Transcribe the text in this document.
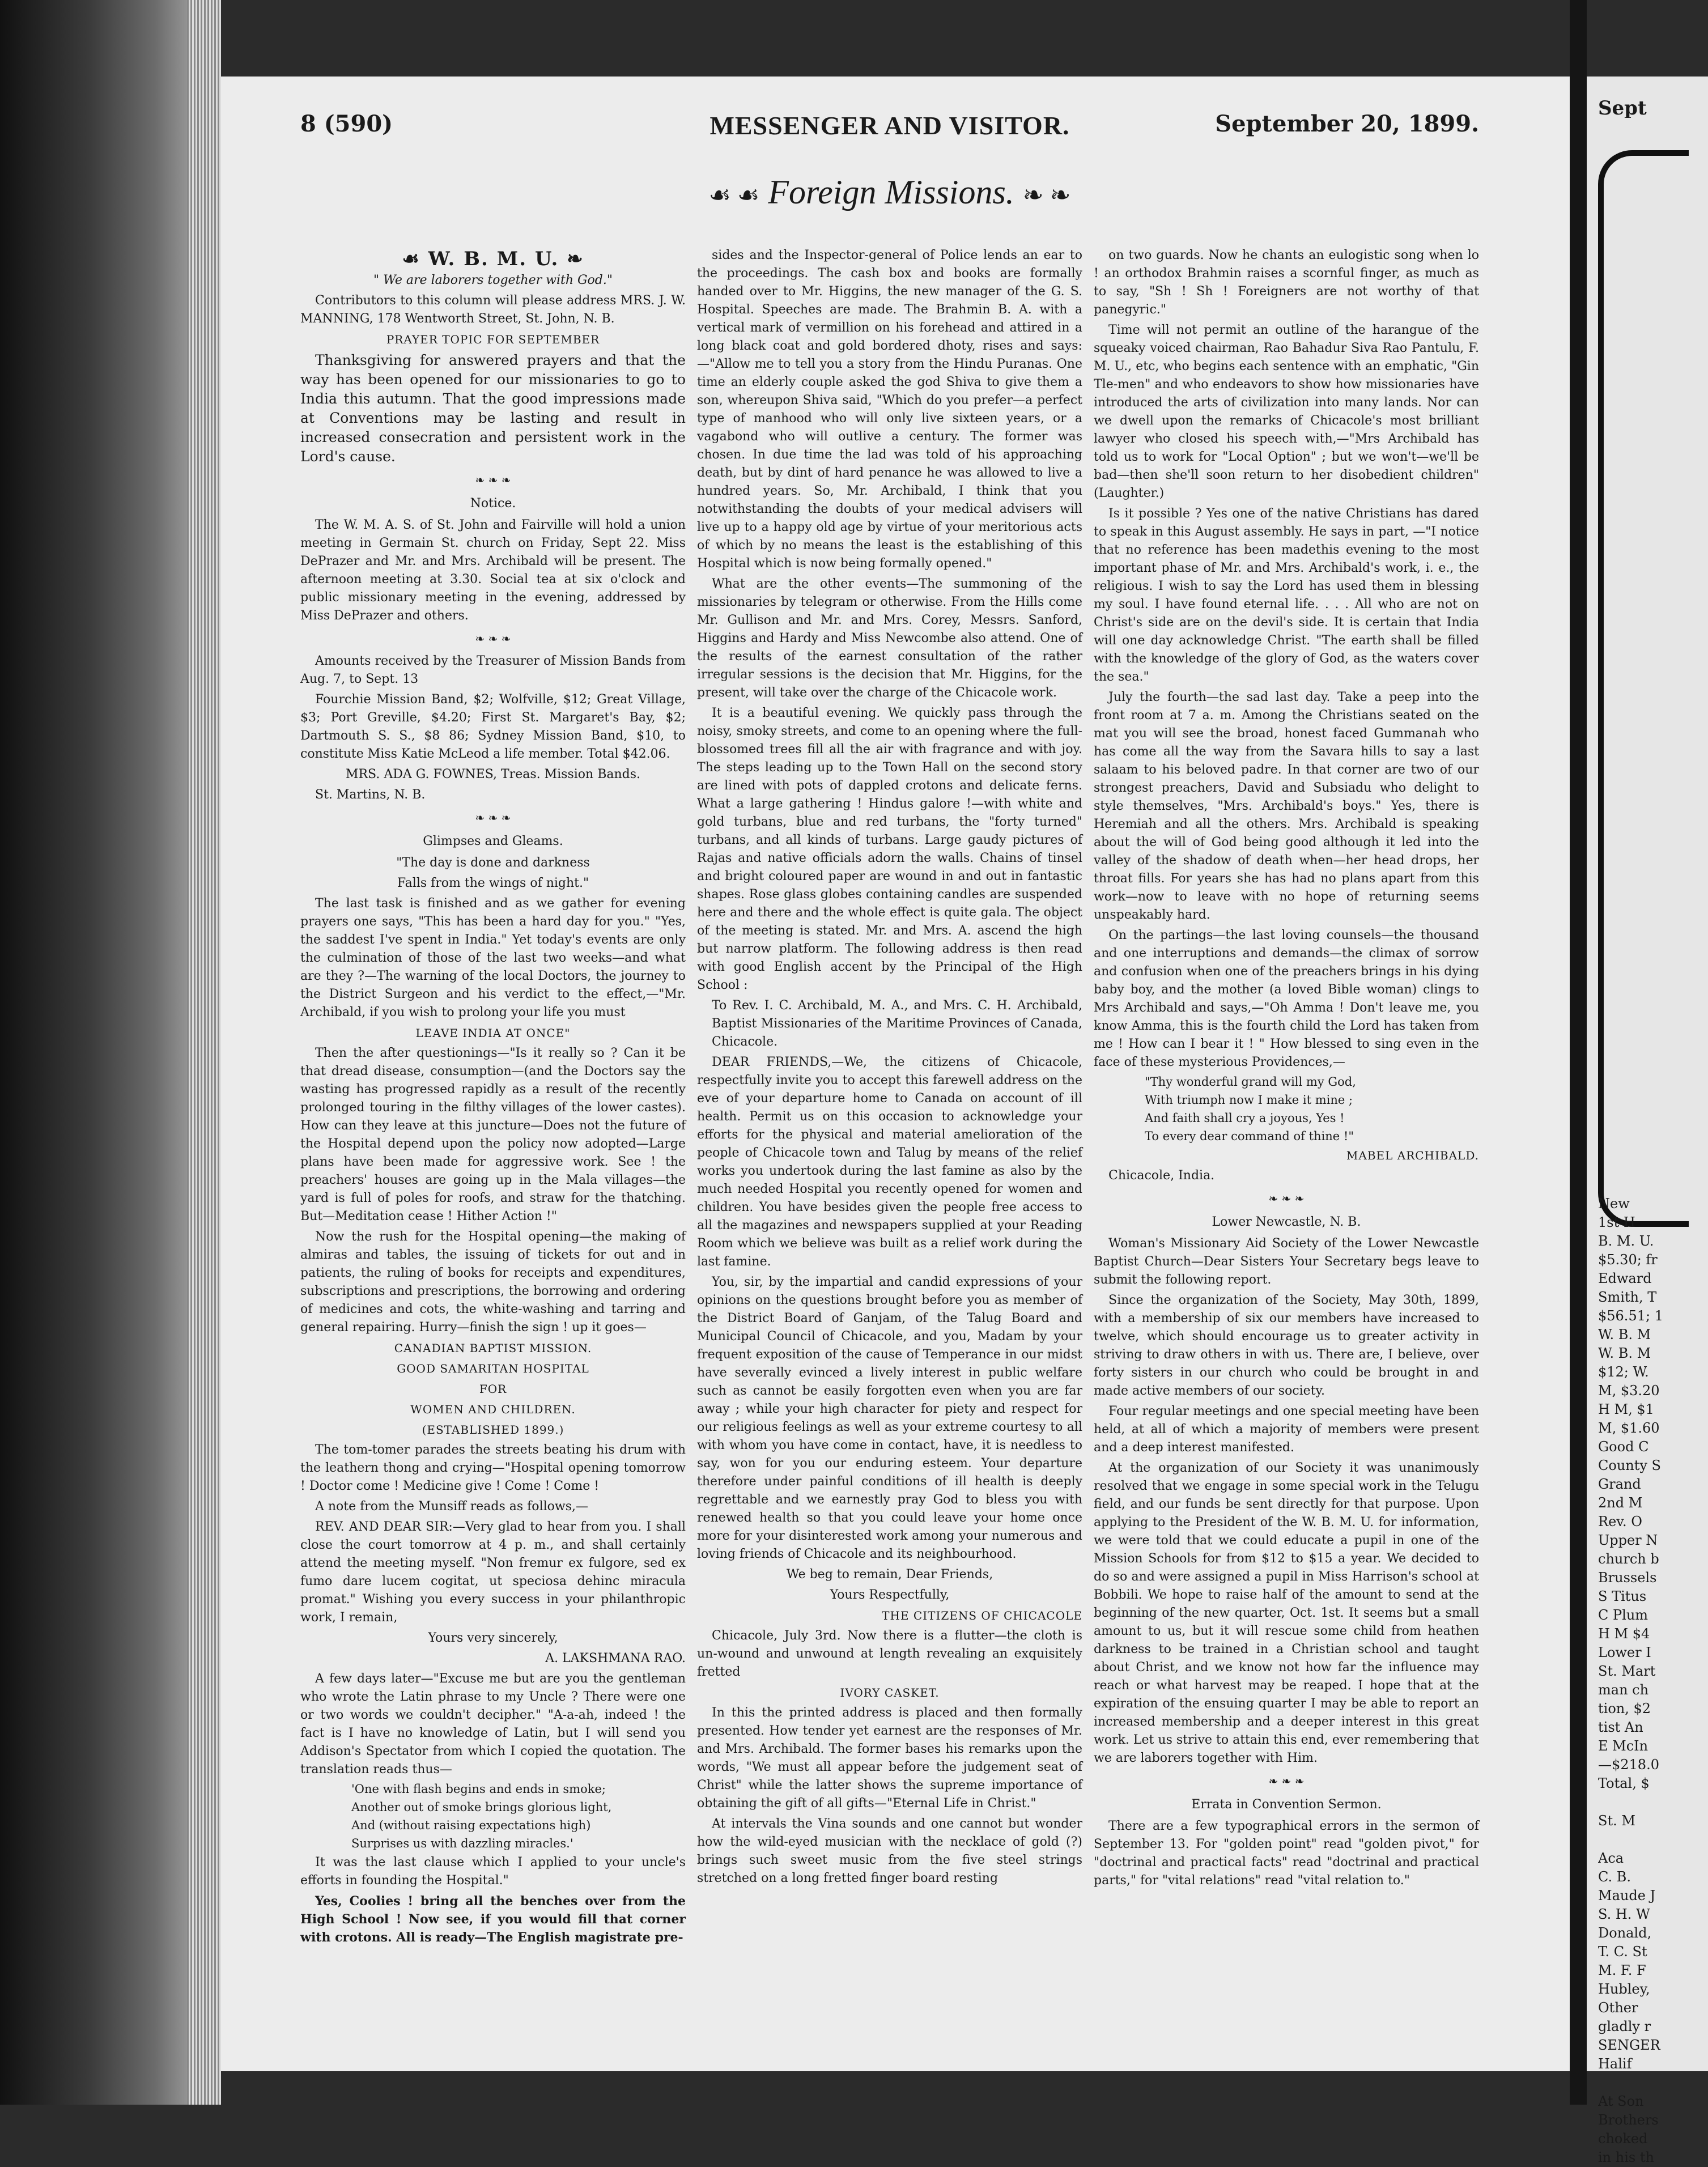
8 (590)	MESSENGER AND VISITOR.	September 20, 1899.
☙ ☙ Foreign Missions. ❧ ❧
☙ W. B. M. U. ❧

" We are laborers together with God."

Contributors to this column will please address MRS. J. W. MANNING, 178 Wentworth Street, St. John, N. B.

PRAYER TOPIC FOR SEPTEMBER

Thanksgiving for answered prayers and that the way has been opened for our missionaries to go to India this autumn. That the good impressions made at Conventions may be lasting and result in increased consecration and persistent work in the Lord's cause.

❧ ❧ ❧

Notice.

The W. M. A. S. of St. John and Fairville will hold a union meeting in Germain St. church on Friday, Sept 22. Miss DePrazer and Mr. and Mrs. Archibald will be present. The afternoon meeting at 3.30. Social tea at six o'clock and public missionary meeting in the evening, addressed by Miss DePrazer and others.

❧ ❧ ❧

Amounts received by the Treasurer of Mission Bands from Aug. 7, to Sept. 13

Fourchie Mission Band, $2; Wolfville, $12; Great Village, $3; Port Greville, $4.20; First St. Margaret's Bay, $2; Dartmouth S. S., $8 86; Sydney Mission Band, $10, to constitute Miss Katie McLeod a life member. Total $42.06.

MRS. ADA G. FOWNES, Treas. Mission Bands.

St. Martins, N. B.

❧ ❧ ❧

Glimpses and Gleams.

"The day is done and darkness

Falls from the wings of night."

The last task is finished and as we gather for evening prayers one says, "This has been a hard day for you." "Yes, the saddest I've spent in India." Yet today's events are only the culmination of those of the last two weeks—and what are they ?—The warning of the local Doctors, the journey to the District Surgeon and his verdict to the effect,—"Mr. Archibald, if you wish to prolong your life you must

LEAVE INDIA AT ONCE"

Then the after questionings—"Is it really so ? Can it be that dread disease, consumption—(and the Doctors say the wasting has progressed rapidly as a result of the recently prolonged touring in the filthy villages of the lower castes). How can they leave at this juncture—Does not the future of the Hospital depend upon the policy now adopted—Large plans have been made for aggressive work. See ! the preachers' houses are going up in the Mala villages—the yard is full of poles for roofs, and straw for the thatching. But—Meditation cease ! Hither Action !"

Now the rush for the Hospital opening—the making of almiras and tables, the issuing of tickets for out and in patients, the ruling of books for receipts and expenditures, subscriptions and prescriptions, the borrowing and ordering of medicines and cots, the white-washing and tarring and general repairing. Hurry—finish the sign ! up it goes—

CANADIAN BAPTIST MISSION.

GOOD SAMARITAN HOSPITAL

FOR

WOMEN AND CHILDREN.

(ESTABLISHED 1899.)

The tom-tomer parades the streets beating his drum with the leathern thong and crying—"Hospital opening tomorrow ! Doctor come ! Medicine give ! Come ! Come !

A note from the Munsiff reads as follows,—

REV. AND DEAR SIR:—Very glad to hear from you. I shall close the court tomorrow at 4 p. m., and shall certainly attend the meeting myself. "Non fremur ex fulgore, sed ex fumo dare lucem cogitat, ut speciosa dehinc miracula promat." Wishing you every success in your philanthropic work, I remain,

Yours very sincerely,

A. LAKSHMANA RAO.

A few days later—"Excuse me but are you the gentleman who wrote the Latin phrase to my Uncle ? There were one or two words we couldn't decipher." "A-a-ah, indeed ! the fact is I have no knowledge of Latin, but I will send you Addison's Spectator from which I copied the quotation. The translation reads thus—

'One with flash begins and ends in smoke;

Another out of smoke brings glorious light,

And (without raising expectations high)

Surprises us with dazzling miracles.'

It was the last clause which I applied to your uncle's efforts in founding the Hospital."

Yes, Coolies ! bring all the benches over from the High School ! Now see, if you would fill that corner with crotons. All is ready—The English magistrate pre-

sides and the Inspector-general of Police lends an ear to the proceedings. The cash box and books are formally handed over to Mr. Higgins, the new manager of the G. S. Hospital. Speeches are made. The Brahmin B. A. with a vertical mark of vermillion on his forehead and attired in a long black coat and gold bordered dhoty, rises and says:—"Allow me to tell you a story from the Hindu Puranas. One time an elderly couple asked the god Shiva to give them a son, whereupon Shiva said, "Which do you prefer—a perfect type of manhood who will only live sixteen years, or a vagabond who will outlive a century. The former was chosen. In due time the lad was told of his approaching death, but by dint of hard penance he was allowed to live a hundred years. So, Mr. Archibald, I think that you notwithstanding the doubts of your medical advisers will live up to a happy old age by virtue of your meritorious acts of which by no means the least is the establishing of this Hospital which is now being formally opened."

What are the other events—The summoning of the missionaries by telegram or otherwise. From the Hills come Mr. Gullison and Mr. and Mrs. Corey, Messrs. Sanford, Higgins and Hardy and Miss Newcombe also attend. One of the results of the earnest consultation of the rather irregular sessions is the decision that Mr. Higgins, for the present, will take over the charge of the Chicacole work.

It is a beautiful evening. We quickly pass through the noisy, smoky streets, and come to an opening where the full-blossomed trees fill all the air with fragrance and with joy. The steps leading up to the Town Hall on the second story are lined with pots of dappled crotons and delicate ferns. What a large gathering ! Hindus galore !—with white and gold turbans, blue and red turbans, the "forty turned" turbans, and all kinds of turbans. Large gaudy pictures of Rajas and native officials adorn the walls. Chains of tinsel and bright coloured paper are wound in and out in fantastic shapes. Rose glass globes containing candles are suspended here and there and the whole effect is quite gala. The object of the meeting is stated. Mr. and Mrs. A. ascend the high but narrow platform. The following address is then read with good English accent by the Principal of the High School :

To Rev. I. C. Archibald, M. A., and Mrs. C. H. Archibald, Baptist Missionaries of the Maritime Provinces of Canada, Chicacole.

DEAR FRIENDS,—We, the citizens of Chicacole, respectfully invite you to accept this farewell address on the eve of your departure home to Canada on account of ill health. Permit us on this occasion to acknowledge your efforts for the physical and material amelioration of the people of Chicacole town and Talug by means of the relief works you undertook during the last famine as also by the much needed Hospital you recently opened for women and children. You have besides given the people free access to all the magazines and newspapers supplied at your Reading Room which we believe was built as a relief work during the last famine.

You, sir, by the impartial and candid expressions of your opinions on the questions brought before you as member of the District Board of Ganjam, of the Talug Board and Municipal Council of Chicacole, and you, Madam by your frequent exposition of the cause of Temperance in our midst have severally evinced a lively interest in public welfare such as cannot be easily forgotten even when you are far away ; while your high character for piety and respect for our religious feelings as well as your extreme courtesy to all with whom you have come in contact, have, it is needless to say, won for you our enduring esteem. Your departure therefore under painful conditions of ill health is deeply regrettable and we earnestly pray God to bless you with renewed health so that you could leave your home once more for your disinterested work among your numerous and loving friends of Chicacole and its neighbourhood.

We beg to remain, Dear Friends,

Yours Respectfully,

THE CITIZENS OF CHICACOLE

Chicacole, July 3rd. Now there is a flutter—the cloth is un-wound and unwound at length revealing an exquisitely fretted

IVORY CASKET.

In this the printed address is placed and then formally presented. How tender yet earnest are the responses of Mr. and Mrs. Archibald. The former bases his remarks upon the words, "We must all appear before the judgement seat of Christ" while the latter shows the supreme importance of obtaining the gift of all gifts—"Eternal Life in Christ."

At intervals the Vina sounds and one cannot but wonder how the wild-eyed musician with the necklace of gold (?) brings such sweet music from the five steel strings stretched on a long fretted finger board resting

on two guards. Now he chants an eulogistic song when lo ! an orthodox Brahmin raises a scornful finger, as much as to say, "Sh ! Sh ! Foreigners are not worthy of that panegyric."

Time will not permit an outline of the harangue of the squeaky voiced chairman, Rao Bahadur Siva Rao Pantulu, F. M. U., etc, who begins each sentence with an emphatic, "Gin Tle-men" and who endeavors to show how missionaries have introduced the arts of civilization into many lands. Nor can we dwell upon the remarks of Chicacole's most brilliant lawyer who closed his speech with,—"Mrs Archibald has told us to work for "Local Option" ; but we won't—we'll be bad—then she'll soon return to her disobedient children" (Laughter.)

Is it possible ? Yes one of the native Christians has dared to speak in this August assembly. He says in part, —"I notice that no reference has been madethis evening to the most important phase of Mr. and Mrs. Archibald's work, i. e., the religious. I wish to say the Lord has used them in blessing my soul. I have found eternal life. . . . All who are not on Christ's side are on the devil's side. It is certain that India will one day acknowledge Christ. "The earth shall be filled with the knowledge of the glory of God, as the waters cover the sea."

July the fourth—the sad last day. Take a peep into the front room at 7 a. m. Among the Christians seated on the mat you will see the broad, honest faced Gummanah who has come all the way from the Savara hills to say a last salaam to his beloved padre. In that corner are two of our strongest preachers, David and Subsiadu who delight to style themselves, "Mrs. Archibald's boys." Yes, there is Heremiah and all the others. Mrs. Archibald is speaking about the will of God being good although it led into the valley of the shadow of death when—her head drops, her throat fills. For years she has had no plans apart from this work—now to leave with no hope of returning seems unspeakably hard.

On the partings—the last loving counsels—the thousand and one interruptions and demands—the climax of sorrow and confusion when one of the preachers brings in his dying baby boy, and the mother (a loved Bible woman) clings to Mrs Archibald and says,—"Oh Amma ! Don't leave me, you know Amma, this is the fourth child the Lord has taken from me ! How can I bear it ! " How blessed to sing even in the face of these mysterious Providences,—

"Thy wonderful grand will my God,

With triumph now I make it mine ;

And faith shall cry a joyous, Yes !

To every dear command of thine !"

MABEL ARCHIBALD.

Chicacole, India.

❧ ❧ ❧

Lower Newcastle, N. B.

Woman's Missionary Aid Society of the Lower Newcastle Baptist Church—Dear Sisters Your Secretary begs leave to submit the following report.

Since the organization of the Society, May 30th, 1899, with a membership of six our members have increased to twelve, which should encourage us to greater activity in striving to draw others in with us. There are, I believe, over forty sisters in our church who could be brought in and made active members of our society.

Four regular meetings and one special meeting have been held, at all of which a majority of members were present and a deep interest manifested.

At the organization of our Society it was unanimously resolved that we engage in some special work in the Telugu field, and our funds be sent directly for that purpose. Upon applying to the President of the W. B. M. U. for information, we were told that we could educate a pupil in one of the Mission Schools for from $12 to $15 a year. We decided to do so and were assigned a pupil in Miss Harrison's school at Bobbili. We hope to raise half of the amount to send at the beginning of the new quarter, Oct. 1st. It seems but a small amount to us, but it will rescue some child from heathen darkness to be trained in a Christian school and taught about Christ, and we know not how far the influence may reach or what harvest may be reaped. I hope that at the expiration of the ensuing quarter I may be able to report an increased membership and a deeper interest in this great work. Let us strive to attain this end, ever remembering that we are laborers together with Him.

❧ ❧ ❧

Errata in Convention Sermon.

There are a few typographical errors in the sermon of September 13. For "golden point" read "golden pivot," for "doctrinal and practical facts" read "doctrinal and practical parts," for "vital relations" read "vital relation to."

Sept
New
1st H
B. M. U.
$5.30; fr
Edward
Smith, T
$56.51; 1
W. B. M
W. B. M
$12; W.
M, $3.20
H M, $1
M, $1.60
Good C
County S
Grand
2nd M
Rev. O
Upper N
church b
Brussels
S Titus
C Plum
H M $4
Lower I
St. Mart
man ch
tion, $2
tist An
E McIn
—$218.0
Total, $

St. M

Aca
C. B.
Maude J
S. H. W
Donald,
T. C. St
M. F. F
Hubley,
Other
gladly r
SENGER
Halif

At Son
Brothers
choked
in his th
